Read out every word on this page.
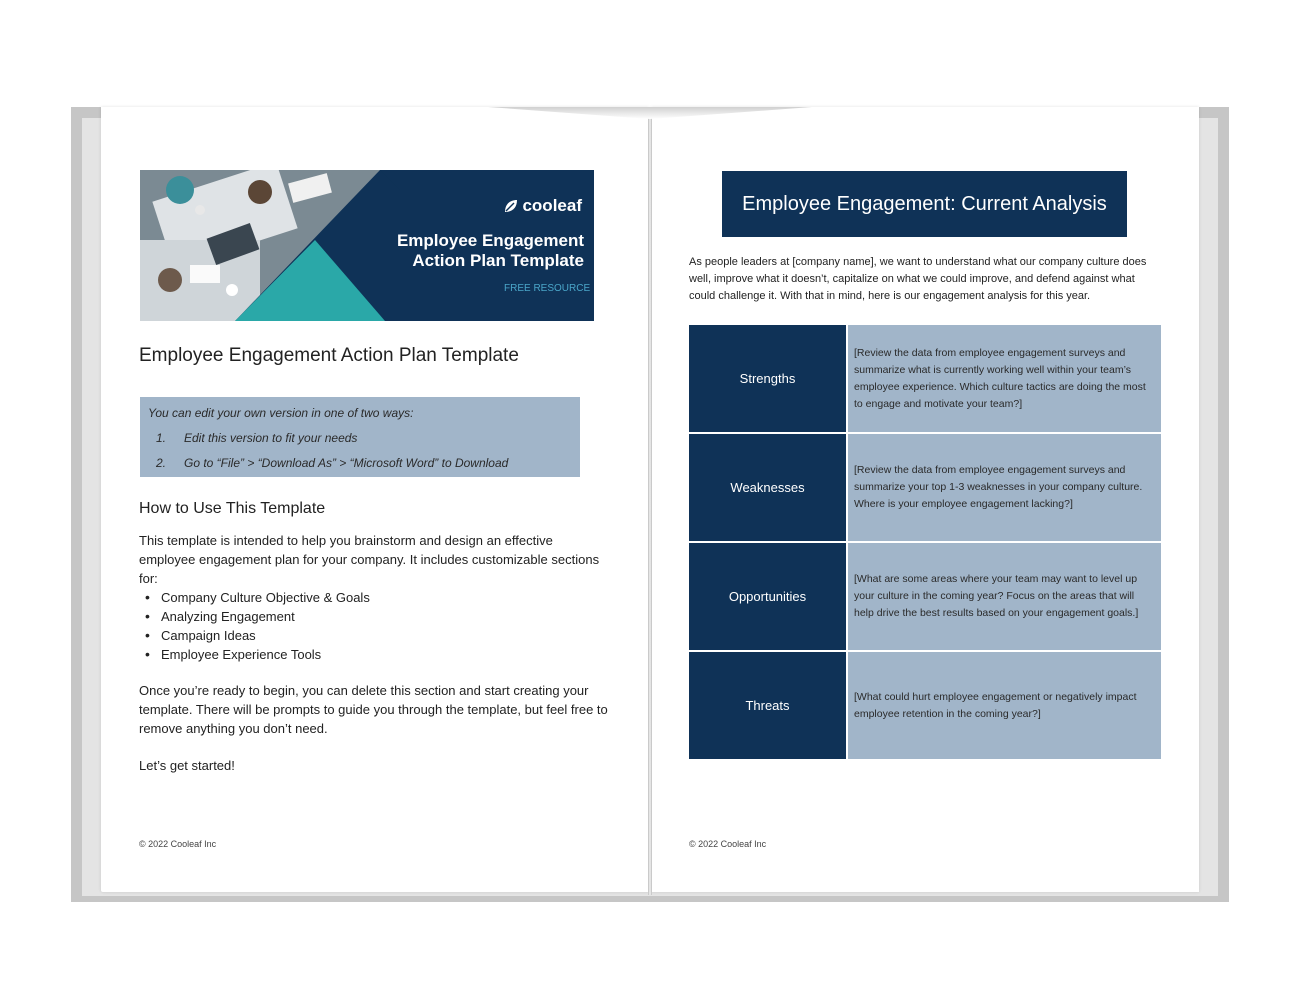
cooleaf
Employee Engagement
Action Plan Template
FREE RESOURCE
Employee Engagement Action Plan Template
You can edit your own version in one of two ways:
1. Edit this version to fit your needs
2. Go to “File” > “Download As” > “Microsoft Word” to Download
How to Use This Template
This template is intended to help you brainstorm and design an effective employee engagement plan for your company. It includes customizable sections for:
• Company Culture Objective & Goals
• Analyzing Engagement
• Campaign Ideas
• Employee Experience Tools
Once you’re ready to begin, you can delete this section and start creating your template. There will be prompts to guide you through the template, but feel free to remove anything you don’t need.
Let’s get started!
© 2022 Cooleaf Inc
Employee Engagement: Current Analysis
As people leaders at [company name], we want to understand what our company culture does well, improve what it doesn’t, capitalize on what we could improve, and defend against what could challenge it. With that in mind, here is our engagement analysis for this year.
Strengths
[Review the data from employee engagement surveys and summarize what is currently working well within your team’s employee experience. Which culture tactics are doing the most to engage and motivate your team?]
Weaknesses
[Review the data from employee engagement surveys and summarize your top 1-3 weaknesses in your company culture. Where is your employee engagement lacking?]
Opportunities
[What are some areas where your team may want to level up your culture in the coming year? Focus on the areas that will help drive the best results based on your engagement goals.]
Threats
[What could hurt employee engagement or negatively impact employee retention in the coming year?]
© 2022 Cooleaf Inc
